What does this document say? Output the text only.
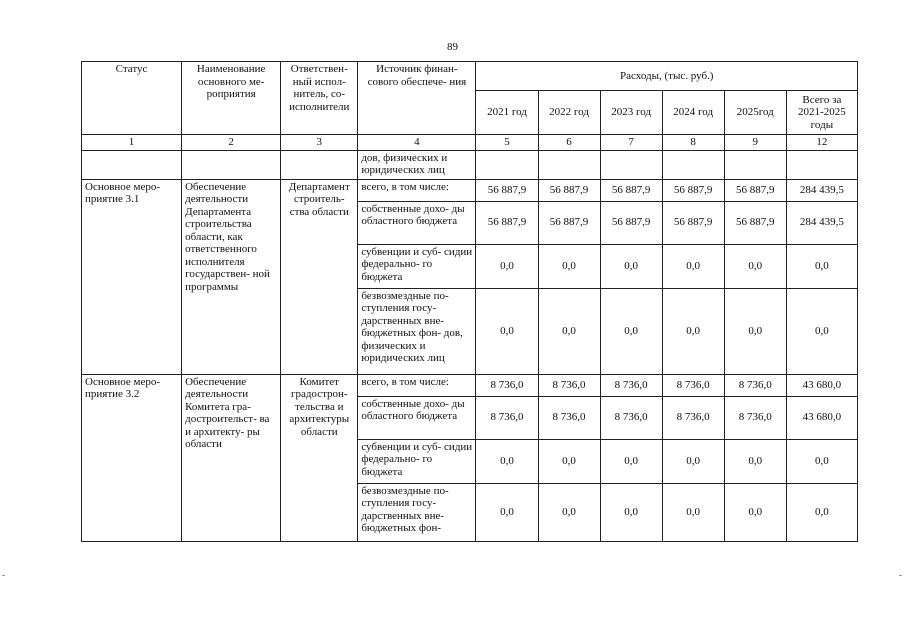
89
Статус	Наименование основного ме- роприятия	Ответствен- ный испол- нитель, со- исполнители	Источник финан- сового обеспече- ния	Расходы, (тыс. руб.)					
				2021 год	2022 год	2023 год	2024 год	2025год	Всего за 2021-2025 годы
1	2	3	4	5	6	7	8	9	12
			дов, физических и юридических лиц						
Основное меро- приятие 3.1	Обеспечение деятельности Департамента строительства области, как ответственного исполнителя государствен- ной программы	Департамент строитель- ства области	всего, в том числе:	56 887,9	56 887,9	56 887,9	56 887,9	56 887,9	284 439,5
			собственные дохо- ды областного бюджета	56 887,9	56 887,9	56 887,9	56 887,9	56 887,9	284 439,5
			субвенции и суб- сидии федерально- го бюджета	0,0	0,0	0,0	0,0	0,0	0,0
			безвозмездные по- ступления госу- дарственных вне- бюджетных фон- дов, физических и юридических лиц	0,0	0,0	0,0	0,0	0,0	0,0
Основное меро- приятие 3.2	Обеспечение деятельности Комитета гра- достроительст- ва и архитекту- ры области	Комитет градострон- тельства и архитектуры области	всего, в том числе:	8 736,0	8 736,0	8 736,0	8 736,0	8 736,0	43 680,0
			собственные дохо- ды областного бюджета	8 736,0	8 736,0	8 736,0	8 736,0	8 736,0	43 680,0
			субвенции и суб- сидии федерально- го бюджета	0,0	0,0	0,0	0,0	0,0	0,0
			безвозмездные по- ступления госу- дарственных вне- бюджетных фон-	0,0	0,0	0,0	0,0	0,0	0,0
